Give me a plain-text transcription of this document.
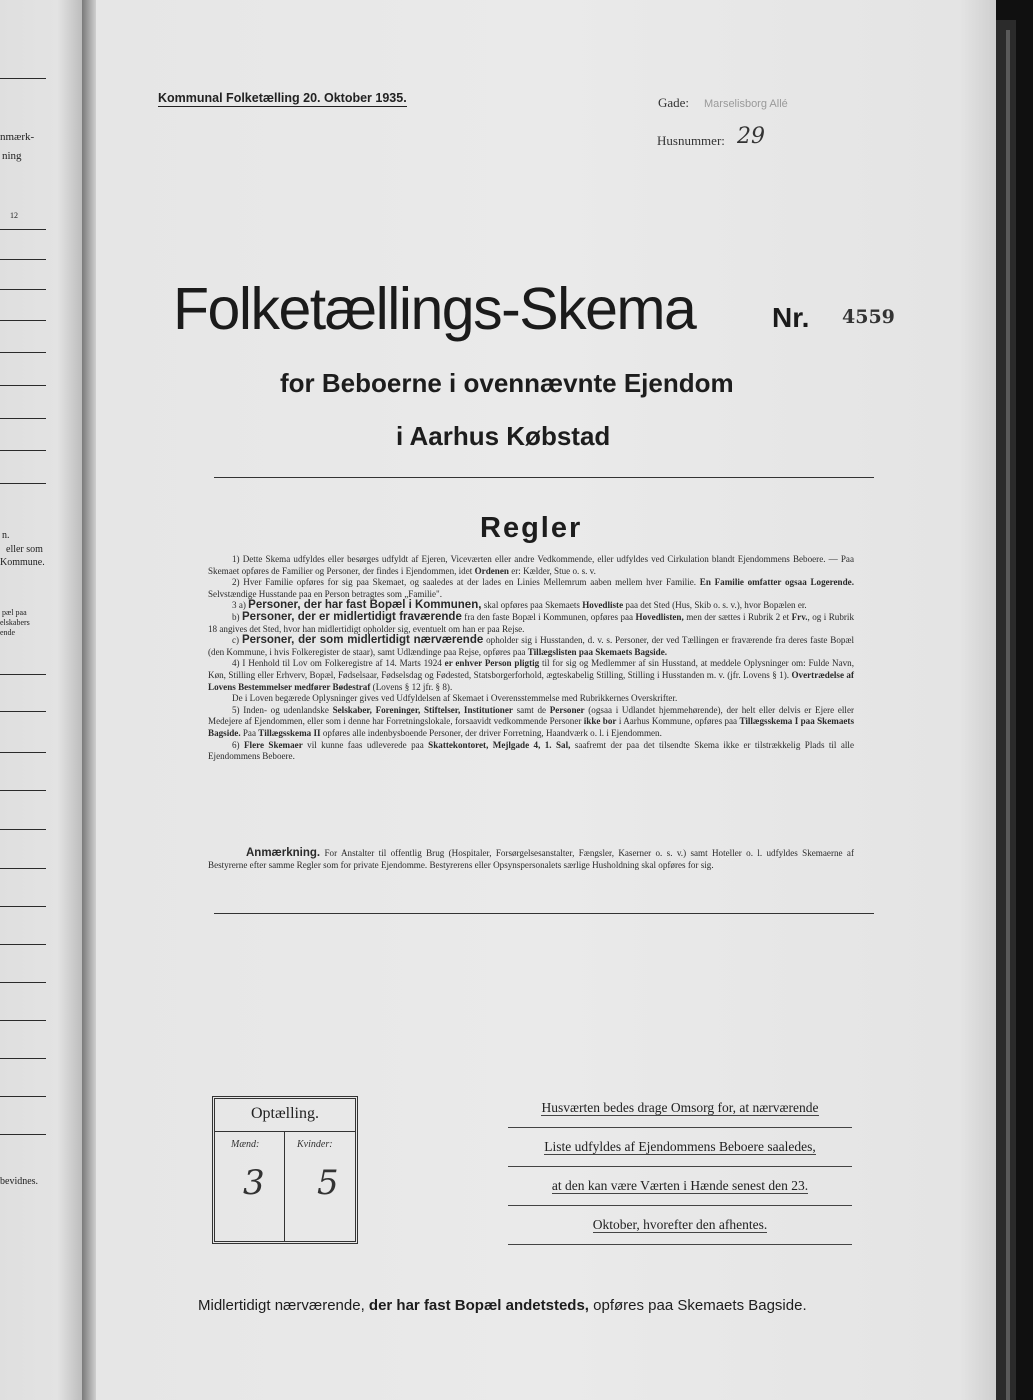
nmærk-
ning
12
n.
eller som
Kommune.
pæl paa
elskabers
ende
bevidnes.
Kommunal Folketælling 20. Oktober 1935.	Gade: Marselisborg Allé
Husnummer: 29
Folketællings-Skema	Nr. 4559
for Beboerne i ovennævnte Ejendom
i Aarhus Købstad
Regler

1) Dette Skema udfyldes eller besørges udfyldt af Ejeren, Viceværten eller andre Vedkommende, eller udfyldes ved Cirkulation blandt Ejendommens Beboere. — Paa Skemaet opføres de Familier og Personer, der findes i Ejendommen, idet Ordenen er: Kælder, Stue o. s. v.

2) Hver Familie opføres for sig paa Skemaet, og saaledes at der lades en Linies Mellemrum aaben mellem hver Familie. En Familie omfatter ogsaa Logerende. Selvstændige Husstande paa en Person betragtes som „Familie".

3 a) Personer, der har fast Bopæl i Kommunen, skal opføres paa Skemaets Hovedliste paa det Sted (Hus, Skib o. s. v.), hvor Bopælen er.

b) Personer, der er midlertidigt fraværende fra den faste Bopæl i Kommunen, opføres paa Hovedlisten, men der sættes i Rubrik 2 et Frv., og i Rubrik 18 angives det Sted, hvor han midlertidigt opholder sig, eventuelt om han er paa Rejse.

c) Personer, der som midlertidigt nærværende opholder sig i Husstanden, d. v. s. Personer, der ved Tællingen er fraværende fra deres faste Bopæl (den Kommune, i hvis Folkeregister de staar), samt Udlændinge paa Rejse, opføres paa Tillægslisten paa Skemaets Bagside.

4) I Henhold til Lov om Folkeregistre af 14. Marts 1924 er enhver Person pligtig til for sig og Medlemmer af sin Husstand, at meddele Oplysninger om: Fulde Navn, Køn, Stilling eller Erhverv, Bopæl, Fødselsaar, Fødselsdag og Fødested, Statsborgerforhold, ægteskabelig Stilling, Stilling i Husstanden m. v. (jfr. Lovens § 1). Overtrædelse af Lovens Bestemmelser medfører Bødestraf (Lovens § 12 jfr. § 8).

De i Loven begærede Oplysninger gives ved Udfyldelsen af Skemaet i Overensstemmelse med Rubrikkernes Overskrifter.

5) Inden- og udenlandske Selskaber, Foreninger, Stiftelser, Institutioner samt de Personer (ogsaa i Udlandet hjemmehørende), der helt eller delvis er Ejere eller Medejere af Ejendommen, eller som i denne har Forretningslokale, forsaavidt vedkommende Personer ikke bor i Aarhus Kommune, opføres paa Tillægsskema I paa Skemaets Bagside. Paa Tillægsskema II opføres alle indenbysboende Personer, der driver Forretning, Haandværk o. l. i Ejendommen.

6) Flere Skemaer vil kunne faas udleverede paa Skattekontoret, Mejlgade 4, 1. Sal, saafremt der paa det tilsendte Skema ikke er tilstrækkelig Plads til alle Ejendommens Beboere.

Anmærkning. For Anstalter til offentlig Brug (Hospitaler, Forsørgelsesanstalter, Fængsler, Kaserner o. s. v.) samt Hoteller o. l. udfyldes Skemaerne af Bestyrerne efter samme Regler som for private Ejendomme. Bestyrerens eller Opsynspersonalets særlige Husholdning skal opføres for sig.

Optælling.
Mænd:	Kvinder:
3 5
Husværten bedes drage Omsorg for, at nærværende Liste udfyldes af Ejendommens Beboere saaledes, at den kan være Værten i Hænde senest den 23. Oktober, hvorefter den afhentes.
Midlertidigt nærværende, der har fast Bopæl andetsteds, opføres paa Skemaets Bagside.
